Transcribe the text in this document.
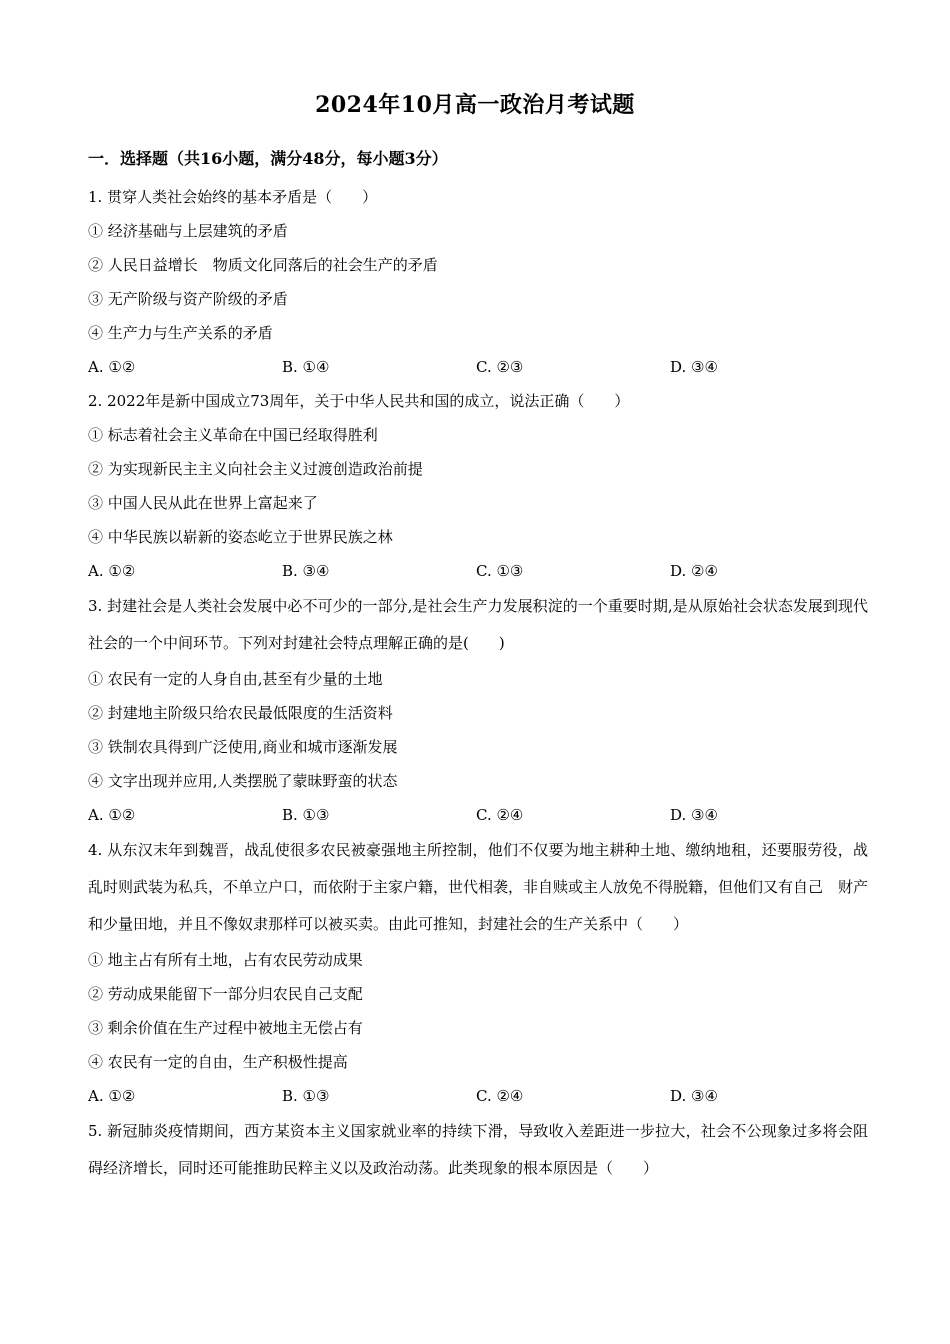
2024年10月高一政治月考试题
一．选择题（共16小题，满分48分，每小题3分）

1. 贯穿人类社会始终的基本矛盾是（　　）

① 经济基础与上层建筑的矛盾

② 人民日益增长　物质文化同落后的社会生产的矛盾

③ 无产阶级与资产阶级的矛盾

④ 生产力与生产关系的矛盾

A. ①②	B. ①④	C. ②③	D. ③④

2. 2022年是新中国成立73周年，关于中华人民共和国的成立，说法正确（　　）

① 标志着社会主义革命在中国已经取得胜利

② 为实现新民主主义向社会主义过渡创造政治前提

③ 中国人民从此在世界上富起来了

④ 中华民族以崭新的姿态屹立于世界民族之林

A. ①②	B. ③④	C. ①③	D. ②④

3. 封建社会是人类社会发展中必不可少的一部分,是社会生产力发展积淀的一个重要时期,是从原始社会状态发展到现代社会的一个中间环节。下列对封建社会特点理解正确的是(　　)

① 农民有一定的人身自由,甚至有少量的土地

② 封建地主阶级只给农民最低限度的生活资料

③ 铁制农具得到广泛使用,商业和城市逐渐发展

④ 文字出现并应用,人类摆脱了蒙昧野蛮的状态

A. ①②	B. ①③	C. ②④	D. ③④

4. 从东汉末年到魏晋，战乱使很多农民被豪强地主所控制，他们不仅要为地主耕种土地、缴纳地租，还要服劳役，战乱时则武装为私兵，不单立户口，而依附于主家户籍，世代相袭，非自赎或主人放免不得脱籍，但他们又有自己　财产和少量田地，并且不像奴隶那样可以被买卖。由此可推知，封建社会的生产关系中（　　）

① 地主占有所有土地，占有农民劳动成果

② 劳动成果能留下一部分归农民自己支配

③ 剩余价值在生产过程中被地主无偿占有

④ 农民有一定的自由，生产积极性提高

A. ①②	B. ①③	C. ②④	D. ③④

5. 新冠肺炎疫情期间，西方某资本主义国家就业率的持续下滑，导致收入差距进一步拉大，社会不公现象过多将会阻碍经济增长，同时还可能推助民粹主义以及政治动荡。此类现象的根本原因是（　　）
